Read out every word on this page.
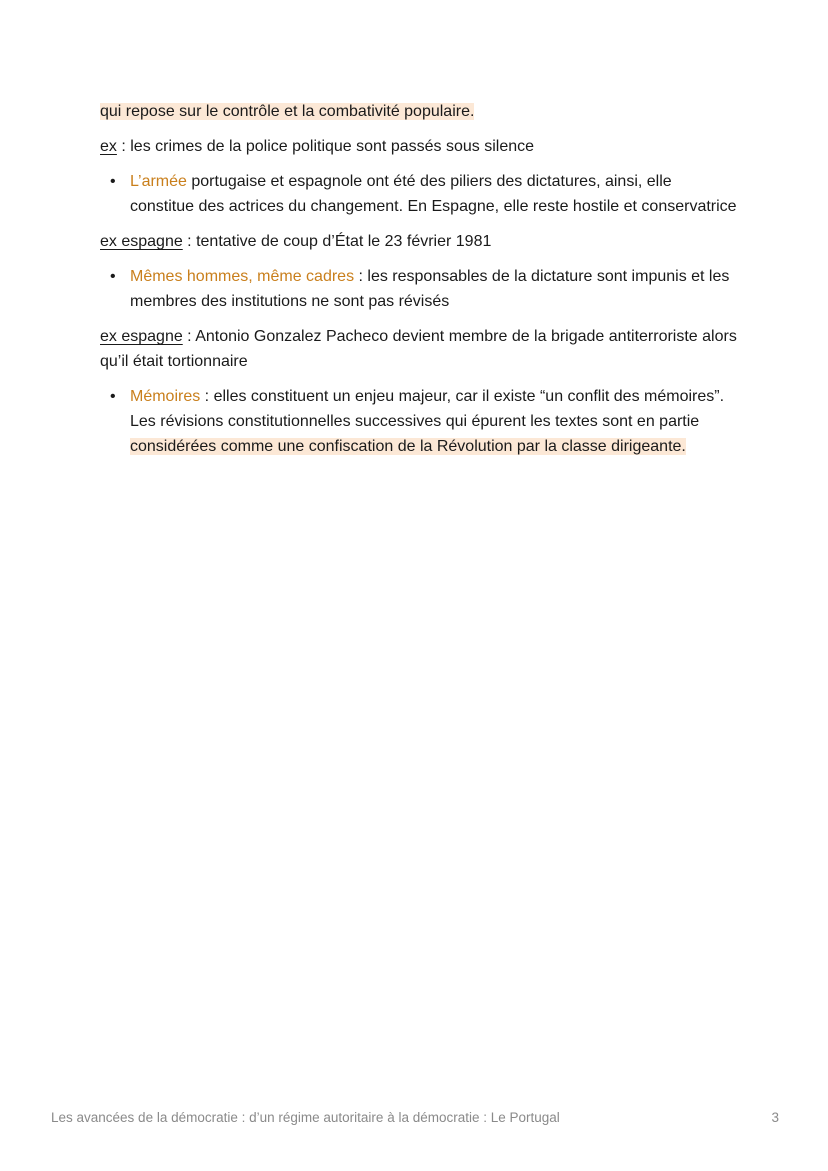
qui repose sur le contrôle et la combativité populaire.

ex : les crimes de la police politique sont passés sous silence

• L’armée portugaise et espagnole ont été des piliers des dictatures, ainsi, elle constitue des actrices du changement. En Espagne, elle reste hostile et conservatrice

ex espagne : tentative de coup d’État le 23 février 1981

• Mêmes hommes, même cadres : les responsables de la dictature sont impunis et les membres des institutions ne sont pas révisés

ex espagne : Antonio Gonzalez Pacheco devient membre de la brigade antiterroriste alors qu’il était tortionnaire

• Mémoires : elles constituent un enjeu majeur, car il existe “un conflit des mémoires”. Les révisions constitutionnelles successives qui épurent les textes sont en partie considérées comme une confiscation de la Révolution par la classe dirigeante.
Les avancées de la démocratie : d’un régime autoritaire à la démocratie : Le Portugal	3
